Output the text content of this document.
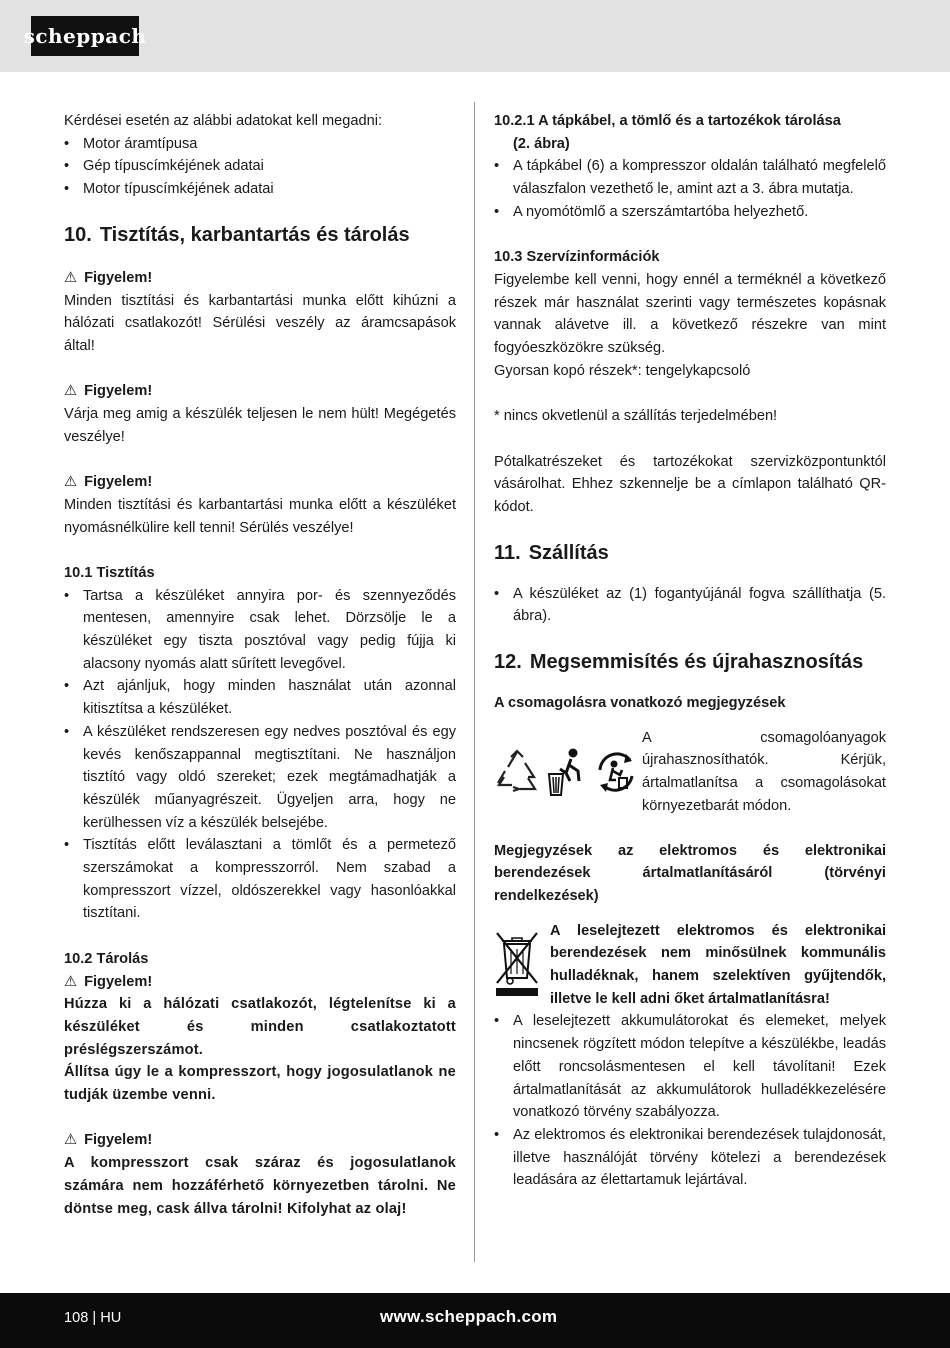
scheppach

Kérdései esetén az alábbi adatokat kell megadni:

• Motor áramtípusa
• Gép típuscímkéjének adatai
• Motor típuscímkéjének adatai

10. Tisztítás, karbantartás és tárolás

⚠ Figyelem!

Minden tisztítási és karbantartási munka előtt kihúzni a hálózati csatlakozót! Sérülési veszély az áramcsapások által!

⚠ Figyelem!

Várja meg amig a készülék teljesen le nem hült! Megégetés veszélye!

⚠ Figyelem!

Minden tisztítási és karbantartási munka előtt a készüléket nyomásnélkülire kell tenni! Sérülés veszélye!

10.1 Tisztítás

• Tartsa a készüléket annyira por- és szennyeződés mentesen, amennyire csak lehet. Dörzsölje le a készüléket egy tiszta posztóval vagy pedig fújja ki alacsony nyomás alatt sűrített levegővel.
• Azt ajánljuk, hogy minden használat után azonnal kitisztítsa a készüléket.
• A készüléket rendszeresen egy nedves posztóval és egy kevés kenőszappannal megtisztítani. Ne használjon tisztító vagy oldó szereket; ezek megtámadhatják a készülék műanyagrészeit. Ügyeljen arra, hogy ne kerülhessen víz a készülék belsejébe.
• Tisztítás előtt leválasztani a tömlőt és a permetező szerszámokat a kompresszorról. Nem szabad a kompresszort vízzel, oldószerekkel vagy hasonlóakkal tisztítani.

10.2 Tárolás

⚠ Figyelem!

Húzza ki a hálózati csatlakozót, légtelenítse ki a készüléket és minden csatlakoztatott préslégszerszámot.

Állítsa úgy le a kompresszort, hogy jogosulatlanok ne tudják üzembe venni.

⚠ Figyelem!

A kompresszort csak száraz és jogosulatlanok számára nem hozzáférhető környezetben tárolni. Ne döntse meg, cask állva tárolni! Kifolyhat az olaj!

10.2.1 A tápkábel, a tömlő és a tartozékok tárolása

(2. ábra)

• A tápkábel (6) a kompresszor oldalán található megfelelő válaszfalon vezethető le, amint azt a 3. ábra mutatja.
• A nyomótömlő a szerszámtartóba helyezhető.

10.3 Szervízinformációk

Figyelembe kell venni, hogy ennél a terméknél a következő részek már használat szerinti vagy természetes kopásnak vannak alávetve ill. a következő részekre van mint fogyóeszközökre szükség.

Gyorsan kopó részek*: tengelykapcsoló

* nincs okvetlenül a szállítás terjedelmében!

Pótalkatrészeket és tartozékokat szervizközpontunktól vásárolhat. Ehhez szkennelje be a címlapon található QR-kódot.

11. Szállítás

• A készüléket az (1) fogantyújánál fogva szállíthatja (5. ábra).

12. Megsemmisítés és újrahasznosítás

A csomagolásra vonatkozó megjegyzések

A csomagolóanyagok újrahasznosíthatók. Kérjük, ártalmatlanítsa a csomagolásokat környezetbarát módon.

Megjegyzések az elektromos és elektronikai berendezések ártalmatlanításáról (törvényi rendelkezések)

A leselejtezett elektromos és elektronikai berendezések nem minősülnek kommunális hulladéknak, hanem szelektíven gyűjtendők, illetve le kell adni őket ártalmatlanításra!

• A leselejtezett akkumulátorokat és elemeket, melyek nincsenek rögzített módon telepítve a készülékbe, leadás előtt roncsolásmentesen el kell távolítani! Ezek ártalmatlanítását az akkumulátorok hulladékkezelésére vonatkozó törvény szabályozza.
• Az elektromos és elektronikai berendezések tulajdonosát, illetve használóját törvény kötelezi a berendezések leadására az élettartamuk lejártával.
108 | HU	www.scheppach.com
